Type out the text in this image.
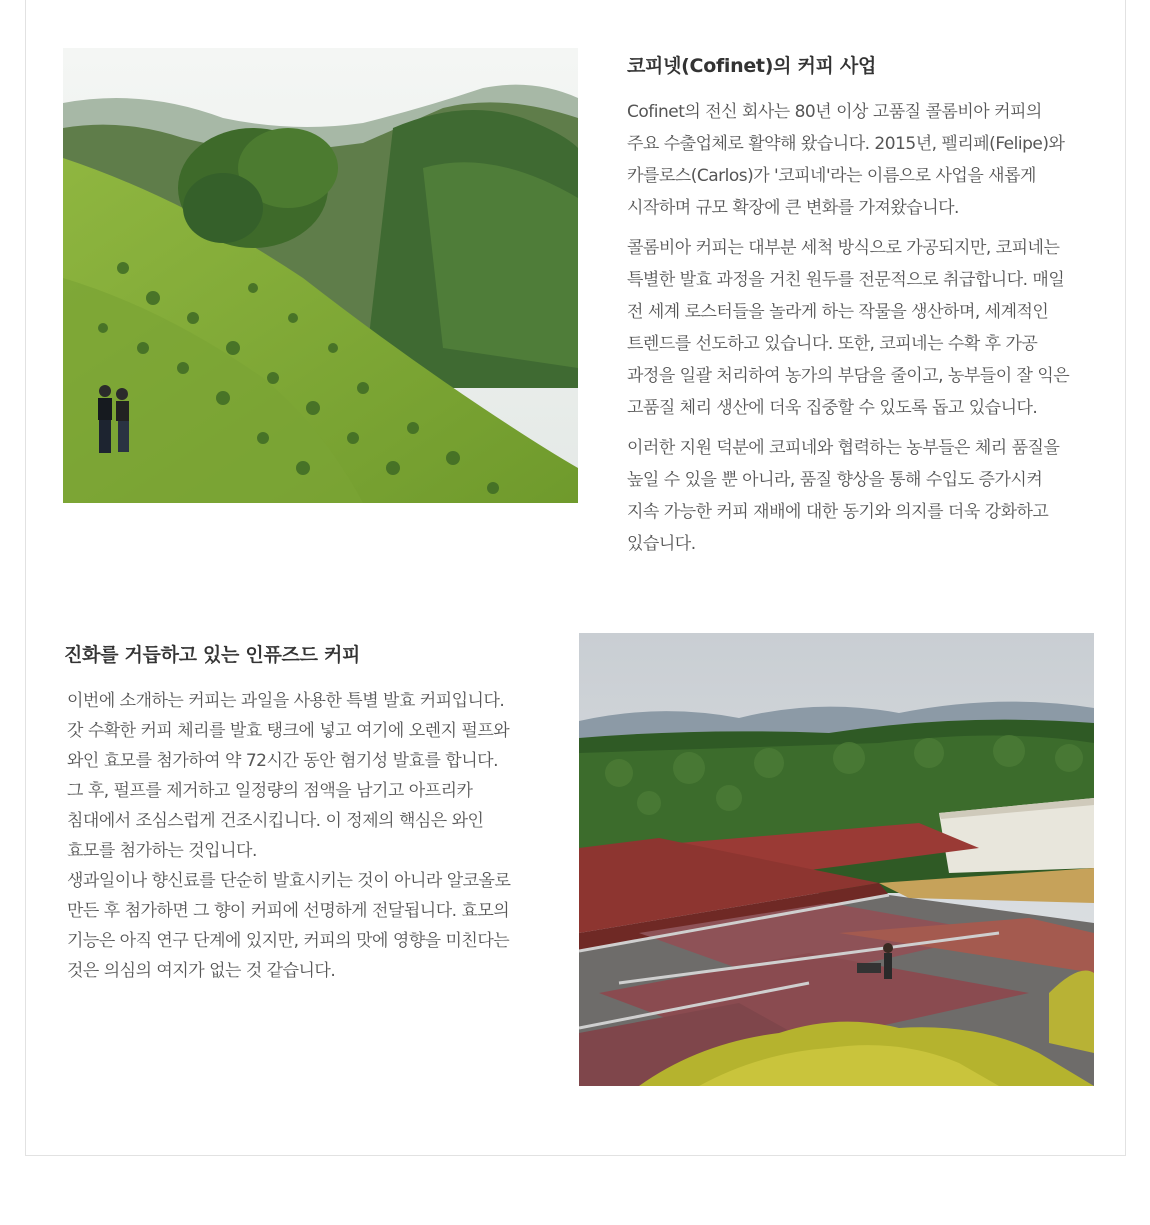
코피넷(Cofinet)의 커피 사업

Cofinet의 전신 회사는 80년 이상 고품질 콜롬비아 커피의

주요 수출업체로 활약해 왔습니다. 2015년, 펠리페(Felipe)와

카를로스(Carlos)가 '코피네'라는 이름으로 사업을 새롭게

시작하며 규모 확장에 큰 변화를 가져왔습니다.

콜롬비아 커피는 대부분 세척 방식으로 가공되지만, 코피네는

특별한 발효 과정을 거친 원두를 전문적으로 취급합니다. 매일

전 세계 로스터들을 놀라게 하는 작물을 생산하며, 세계적인

트렌드를 선도하고 있습니다. 또한, 코피네는 수확 후 가공

과정을 일괄 처리하여 농가의 부담을 줄이고, 농부들이 잘 익은

고품질 체리 생산에 더욱 집중할 수 있도록 돕고 있습니다.

이러한 지원 덕분에 코피네와 협력하는 농부들은 체리 품질을

높일 수 있을 뿐 아니라, 품질 향상을 통해 수입도 증가시켜

지속 가능한 커피 재배에 대한 동기와 의지를 더욱 강화하고

있습니다.

진화를 거듭하고 있는 인퓨즈드 커피

이번에 소개하는 커피는 과일을 사용한 특별 발효 커피입니다.

갓 수확한 커피 체리를 발효 탱크에 넣고 여기에 오렌지 펄프와

와인 효모를 첨가하여 약 72시간 동안 혐기성 발효를 합니다.

그 후, 펄프를 제거하고 일정량의 점액을 남기고 아프리카

침대에서 조심스럽게 건조시킵니다. 이 정제의 핵심은 와인

효모를 첨가하는 것입니다.

생과일이나 향신료를 단순히 발효시키는 것이 아니라 알코올로

만든 후 첨가하면 그 향이 커피에 선명하게 전달됩니다. 효모의

기능은 아직 연구 단계에 있지만, 커피의 맛에 영향을 미친다는

것은 의심의 여지가 없는 것 같습니다.
